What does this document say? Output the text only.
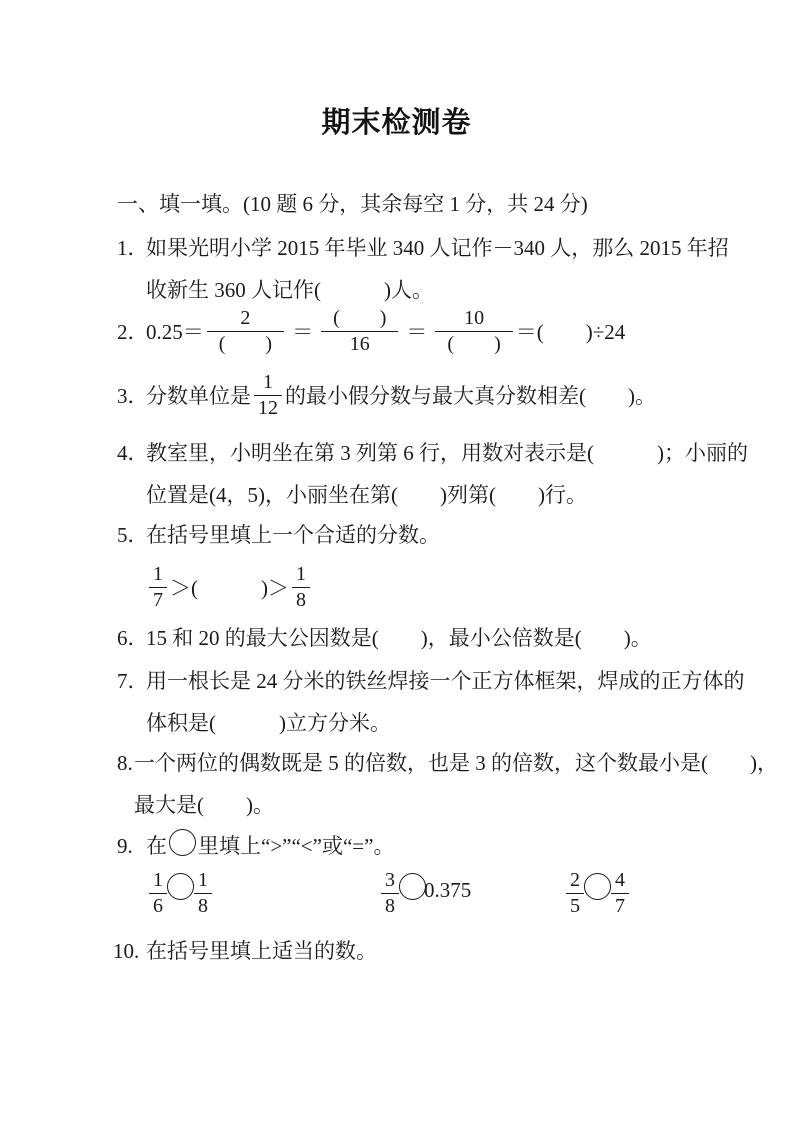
期末检测卷
一、填一填。(10 题 6 分，其余每空 1 分，共 24 分)
1．
如果光明小学 2015 年毕业 340 人记作－340 人，那么 2015 年招
收新生 360 人记作(　　　)人。
2．
$0.25= \frac{2}{( )} = \frac{( )}{16} = \frac{10}{( )}$ ＝(　　)÷24
3．
分数单位是 $\frac{1}{12}$ 的最小假分数与最大真分数相差(　　)。
4．
教室里，小明坐在第 3 列第 6 行，用数对表示是(　　　)；小丽的
位置是(4，5)，小丽坐在第(　　)列第(　　)行。
5．
在括号里填上一个合适的分数。
$\frac{1}{7}$ ＞(　　　)＞ $\frac{1}{8}$
6．
15 和 20 的最大公因数是(　　)，最小公倍数是(　　)。
7．
用一根长是 24 分米的铁丝焊接一个正方体框架，焊成的正方体的
体积是(　　　)立方分米。
8. 一个两位的偶数既是 5 的倍数，也是 3 的倍数，这个数最小是(　　)，
最大是(　　)。
9. 在 里填上“>”“<”或“=”。
$\frac{1}{6} \frac{1}{8}$	$\frac{3}{8} 0.375$	$\frac{2}{5} \frac{4}{7}$
10. 在括号里填上适当的数。
